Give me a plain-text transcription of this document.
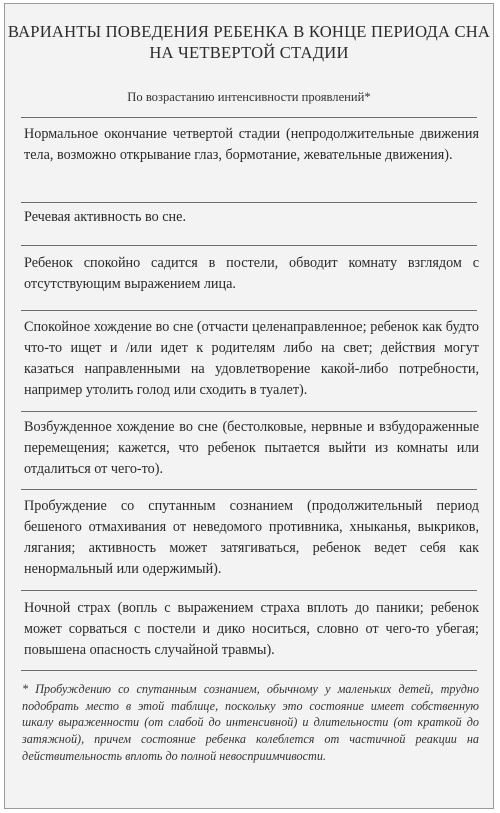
ВАРИАНТЫ ПОВЕДЕНИЯ РЕБЕНКА В КОНЦЕ ПЕРИОДА СНА НА ЧЕТВЕРТОЙ СТАДИИ
По возрастанию интенсивности проявлений*
Нормальное окончание четвертой стадии (непродолжительные движения тела, возможно открывание глаз, бормотание, жевательные движения).
Речевая активность во сне.
Ребенок спокойно садится в постели, обводит комнату взглядом с отсутствующим выражением лица.
Спокойное хождение во сне (отчасти целенаправленное; ребенок как будто что-то ищет и /или идет к родителям либо на свет; действия могут казаться направленными на удовлетворение какой-либо потребности, например утолить голод или сходить в туалет).
Возбужденное хождение во сне (бестолковые, нервные и взбудораженные перемещения; кажется, что ребенок пытается выйти из комнаты или отдалиться от чего-то).
Пробуждение со спутанным сознанием (продолжительный период бешеного отмахивания от неведомого противника, хныканья, выкриков, лягания; активность может затягиваться, ребенок ведет себя как ненормальный или одержимый).
Ночной страх (вопль с выражением страха вплоть до паники; ребенок может сорваться с постели и дико носиться, словно от чего-то убегая; повышена опасность случайной травмы).
* Пробуждению со спутанным сознанием, обычному у маленьких детей, трудно подобрать место в этой таблице, поскольку это состояние имеет собственную шкалу выраженности (от слабой до интенсивной) и длительности (от краткой до затяжной), причем состояние ребенка колеблется от частичной реакции на действительность вплоть до полной невосприимчивости.
